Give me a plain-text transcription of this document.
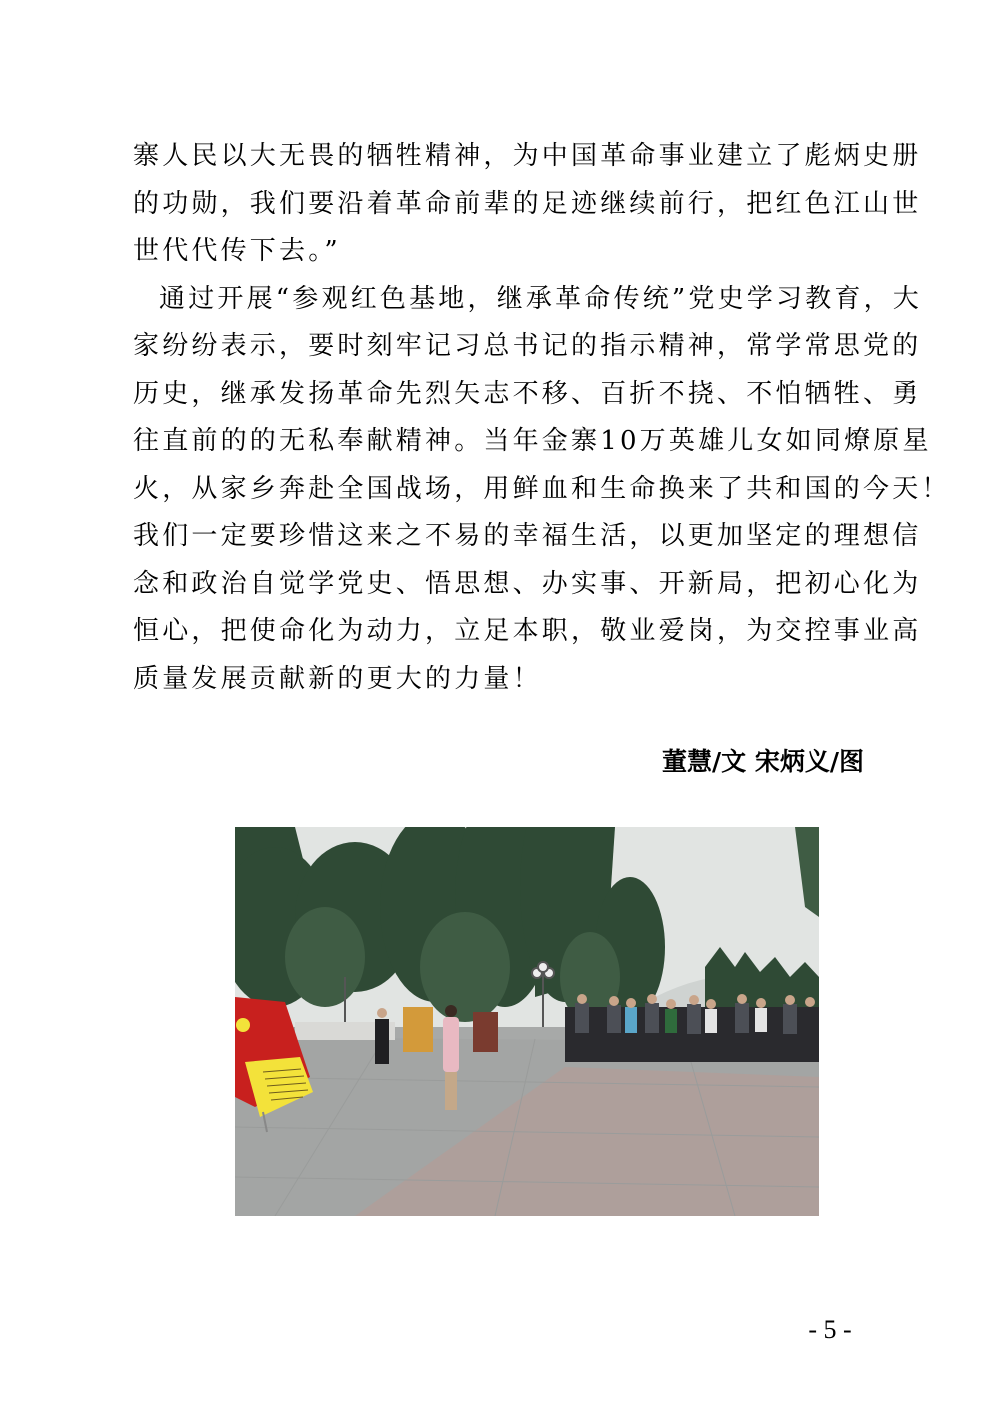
寨人民以大无畏的牺牲精神，为中国革命事业建立了彪炳史册
的功勋，我们要沿着革命前辈的足迹继续前行，把红色江山世
世代代传下去。”
通过开展“参观红色基地，继承革命传统”党史学习教育，大
家纷纷表示，要时刻牢记习总书记的指示精神，常学常思党的
历史，继承发扬革命先烈矢志不移、百折不挠、不怕牺牲、勇
往直前的的无私奉献精神。当年金寨10万英雄儿女如同燎原星
火，从家乡奔赴全国战场，用鲜血和生命换来了共和国的今天！
我们一定要珍惜这来之不易的幸福生活，以更加坚定的理想信
念和政治自觉学党史、悟思想、办实事、开新局，把初心化为
恒心，把使命化为动力，立足本职，敬业爱岗，为交控事业高
质量发展贡献新的更大的力量！
董慧/文 宋炳义/图
- 5 -
